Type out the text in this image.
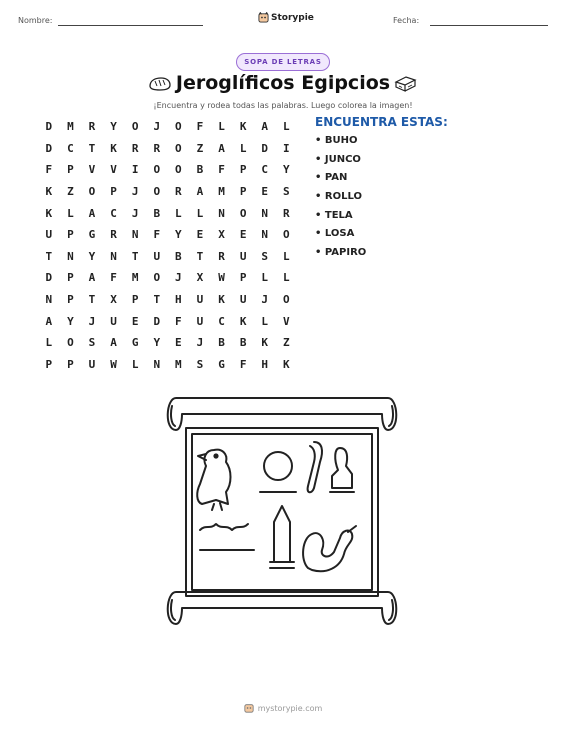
Nombre:	Storypie	Fecha:
SOPA DE LETRAS
Jeroglíficos Egipcios
¡Encuentra y rodea todas las palabras. Luego colorea la imagen!
D	M	R	Y	O	J	O	F	L	K	A	L
D	C	T	K	R	R	O	Z	A	L	D	I
F	P	V	V	I	O	O	B	F	P	C	Y
K	Z	O	P	J	O	R	A	M	P	E	S
K	L	A	C	J	B	L	L	N	O	N	R
U	P	G	R	N	F	Y	E	X	E	N	O
T	N	Y	N	T	U	B	T	R	U	S	L
D	P	A	F	M	O	J	X	W	P	L	L
N	P	T	X	P	T	H	U	K	U	J	O
A	Y	J	U	E	D	F	U	C	K	L	V
L	O	S	A	G	Y	E	J	B	B	K	Z
P	P	U	W	L	N	M	S	G	F	H	K
ENCUENTRA ESTAS:
• BUHO
• JUNCO
• PAN
• ROLLO
• TELA
• LOSA
• PAPIRO
mystorypie.com
